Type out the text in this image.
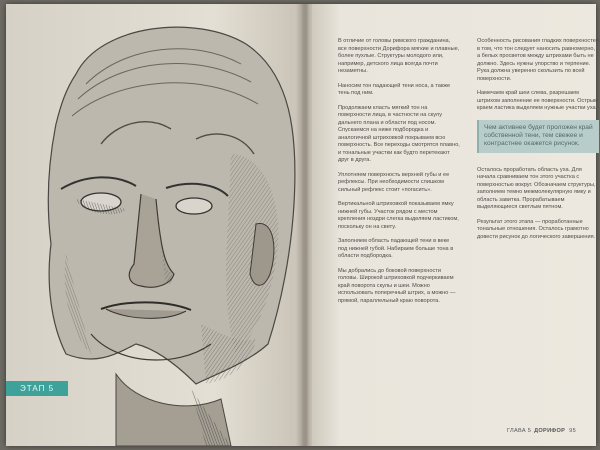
ЭТАП 5

В отличие от головы римского гражданина, все поверхности Дорифора мягкие и плавные, более пухлые. Структуры молодого или, например, детского лица всегда почти незаметны.

Наносим тон падающей тени носа, а также тень под ним.

Продолжаем класть мягкий тон на поверхности лица, в частности на скулу дальнего плана и области под носом. Спускаемся на ниже подбородка и аналогичной штриховкой покрываем всю поверхность. Все переходы смотрятся плавно, и тональные участки как будто перетекают друг в друга.

Уплотняем поверхность верхней губы и ее рефлексы. При необходимости слишком сильный рефлекс стоит «погасить».

Вертикальной штриховкой показываем ямку нижней губы. Участок рядом с местом крепления ноздри слегка выделяем ластиком, поскольку он на свету.

Заполняем область падающей тени в веке под нижней губой. Набираем больше тона в области подбородка.

Мы добрались до боковой поверхности головы. Широкой штриховкой подчеркиваем край поворота скулы и шеи. Можно использовать поперечный штрих, а можно — прямой, параллельный краю поворота.

Особенность рисования гладких поверхностей в том, что тон следует наносить равномерно, а белых просветов между штрихами быть не должно. Здесь нужны упорство и терпение. Рука должна уверенно скользить по всей поверхности.

Намечаем край шеи слева, разрешаем штрихом заполнение ее поверхности. Острым краем ластика выделяем нужные участки уха.

Чем активнее будет проложен край собственной тени, тем свежее и контрастнее окажется рисунок.

Осталось проработать область уха. Для начала сравниваем тон этого участка с поверхностью вокруг. Обозначаем структуры, заполняем темно межмолекулярную ямку и область завитка. Прорабатываем выделяющиеся светлым пятном.

Результат этого этапа — проработанные тональные отношения. Осталось грамотно довести рисунок до логического завершения.

ГЛАВА 5 ДОРИФОР 95
